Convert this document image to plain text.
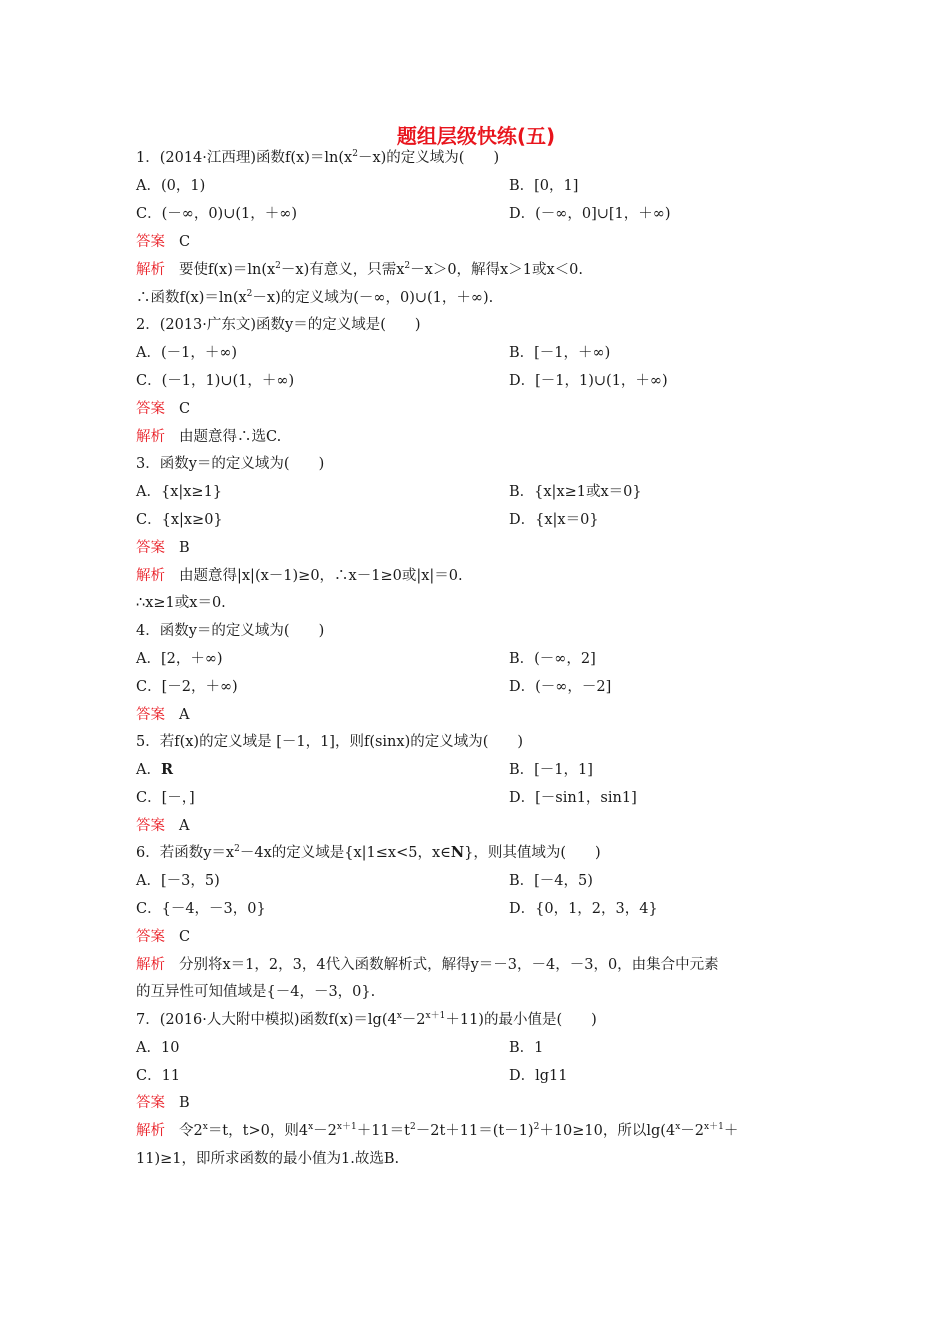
题组层级快练(五)
1．(2014·江西理)函数$f(x)=\ln(x^2-x)$的定义域为(　　)
A．(0，1)	B．[0，1]
C．(－∞，0)∪(1，＋∞)	D．(－∞，0]∪[1，＋∞)
答案 C
解析 要使$f(x)=\ln(x^2-x)$有意义，只需$x^2-x>0$，解得x＞1或x＜0.
∴函数$f(x)=\ln(x^2-x)$的定义域为(－∞，0)∪(1，＋∞).
2．(2013·广东文)函数y＝的定义域是(　　)
A．(－1，＋∞)	B．[－1，＋∞)
C．(－1，1)∪(1，＋∞)	D．[－1，1)∪(1，＋∞)
答案 C
解析 由题意得∴选C.
3．函数y＝的定义域为(　　)
A．{x|x≥1}	B．{x|x≥1或x＝0}
C．{x|x≥0}	D．{x|x＝0}
答案 B
解析 由题意得|x|(x－1)≥0，∴x－1≥0或|x|＝0.
∴x≥1或x＝0.
4．函数y＝的定义域为(　　)
A．[2，＋∞)	B．(－∞，2]
C．[－2，＋∞)	D．(－∞，－2]
答案 A
5．若f(x)的定义域是 [－1，1]，则f(sinx)的定义域为(　　)
A．R	B．[－1，1]
C．[－，]	D．[－sin1，sin1]
答案 A
6．若函数$y=x^2-4x$的定义域是{x|1≤x<5，x∈N}，则其值域为(　　)
A．[－3，5)	B．[－4，5)
C．{－4，－3，0}	D．{0，1，2，3，4}
答案 C
解析 分别将x＝1，2，3，4代入函数解析式，解得y＝－3，－4，－3，0，由集合中元素
的互异性可知值域是{－4，－3，0}.
7．(2016·人大附中模拟)函数$f(x)=\lg(4^x-2^{x+1}+11)$的最小值是(　　)
A．10	B．1
C．11	D．lg11
答案 B
解析 令$2^x=t$，t>0，则$4^x-2^{x+1}+11=t^2-2t+11=(t-1)^2+10\ge 10$，所以$\lg(4^x-2^{x+1}+$
11)≥1，即所求函数的最小值为1.故选B.
